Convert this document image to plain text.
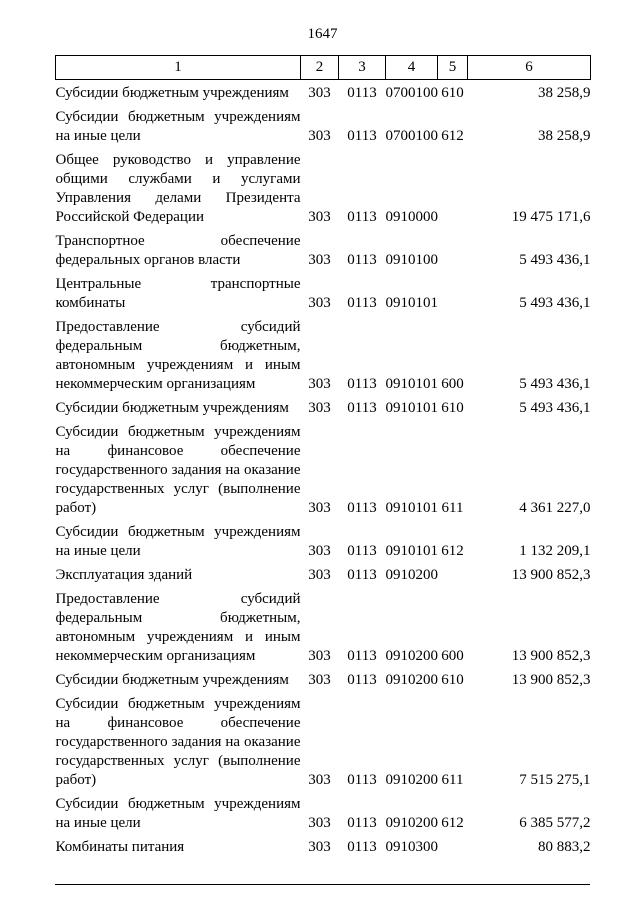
1647
1	2	3	4	5	6
Субсидии бюджетным учреждениям	303	0113	0700100	610	38 258,9
Субсидии бюджетным учреждениям на иные цели	303	0113	0700100	612	38 258,9
Общее руководство и управление общими службами и услугами Управления делами Президента Российской Федерации	303	0113	0910000		19 475 171,6
Транспортное обеспечение федеральных органов власти	303	0113	0910100		5 493 436,1
Центральные транспортные комбинаты	303	0113	0910101		5 493 436,1
Предоставление субсидий федеральным бюджетным, автономным учреждениям и иным некоммерческим организациям	303	0113	0910101	600	5 493 436,1
Субсидии бюджетным учреждениям	303	0113	0910101	610	5 493 436,1
Субсидии бюджетным учреждениям на финансовое обеспечение государственного задания на оказание государственных услуг (выполнение работ)	303	0113	0910101	611	4 361 227,0
Субсидии бюджетным учреждениям на иные цели	303	0113	0910101	612	1 132 209,1
Эксплуатация зданий	303	0113	0910200		13 900 852,3
Предоставление субсидий федеральным бюджетным, автономным учреждениям и иным некоммерческим организациям	303	0113	0910200	600	13 900 852,3
Субсидии бюджетным учреждениям	303	0113	0910200	610	13 900 852,3
Субсидии бюджетным учреждениям на финансовое обеспечение государственного задания на оказание государственных услуг (выполнение работ)	303	0113	0910200	611	7 515 275,1
Субсидии бюджетным учреждениям на иные цели	303	0113	0910200	612	6 385 577,2
Комбинаты питания	303	0113	0910300		80 883,2
